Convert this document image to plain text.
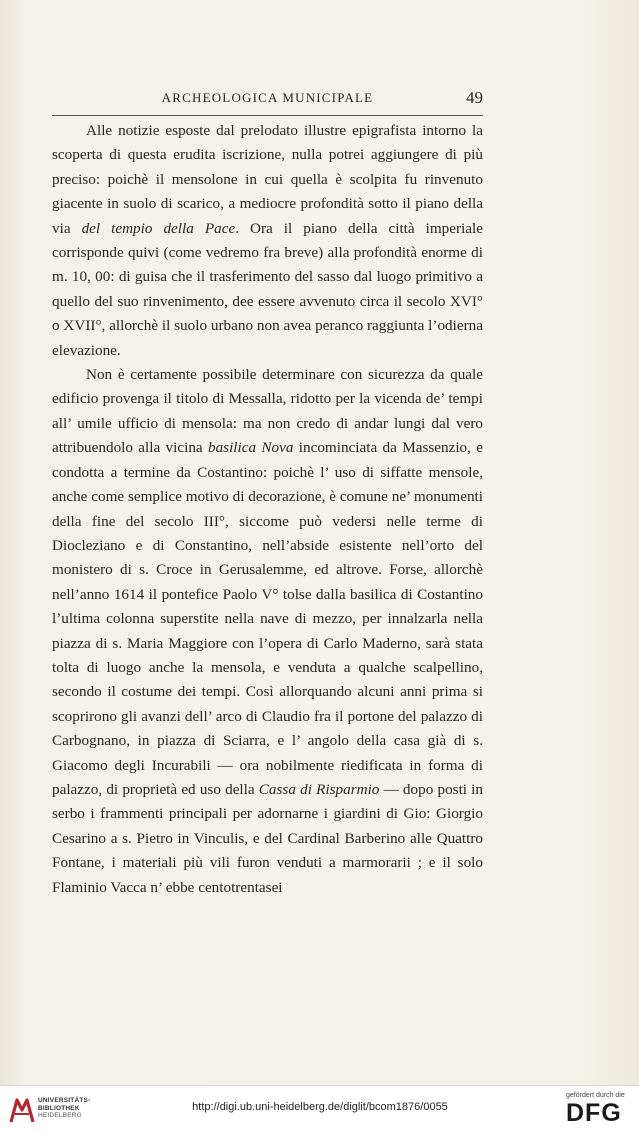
ARCHEOLOGICA MUNICIPALE	49

Alle notizie esposte dal prelodato illustre epigrafista intorno la scoperta di questa erudita iscrizione, nulla potrei aggiungere di più preciso: poichè il mensolone in cui quella è scolpita fu rinvenuto giacente in suolo di scarico, a mediocre profondità sotto il piano della via del tempio della Pace. Ora il piano della città imperiale corrisponde quivi (come vedremo fra breve) alla profondità enorme di m. 10, 00: di guisa che il trasferimento del sasso dal luogo primitivo a quello del suo rinvenimento, dee essere avvenuto circa il secolo XVI° o XVII°, allorchè il suolo urbano non avea peranco raggiunta l’odierna elevazione.

Non è certamente possibile determinare con sicurezza da quale edificio provenga il titolo di Messalla, ridotto per la vicenda de’ tempi all’ umile ufficio di mensola: ma non credo di andar lungi dal vero attribuendolo alla vicina basilica Nova incominciata da Massenzio, e condotta a termine da Costantino: poichè l’ uso di siffatte mensole, anche come semplice motivo di decorazione, è comune ne’ monumenti della fine del secolo III°, siccome può vedersi nelle terme di Diocleziano e di Constantino, nell’abside esistente nell’orto del monistero di s. Croce in Gerusalemme, ed altrove. Forse, allorchè nell’anno 1614 il pontefice Paolo V° tolse dalla basilica di Costantino l’ultima colonna superstite nella nave di mezzo, per innalzarla nella piazza di s. Maria Maggiore con l’opera di Carlo Maderno, sarà stata tolta di luogo anche la mensola, e venduta a qualche scalpellino, secondo il costume dei tempi. Così allorquando alcuni anni prima si scoprirono gli avanzi dell’ arco di Claudio fra il portone del palazzo di Carbognano, in piazza di Sciarra, e l’ angolo della casa già di s. Giacomo degli Incurabili — ora nobilmente riedificata in forma di palazzo, di proprietà ed uso della Cassa di Risparmio — dopo posti in serbo i frammenti principali per adornarne i giardini di Gio: Giorgio Cesarino a s. Pietro in Vinculis, e del Cardinal Barberino alle Quattro Fontane, i materiali più vili furon venduti a marmorarii ; e il solo Flaminio Vacca n’ ebbe centotrentasei

UNIVERSITÄTS-
BIBLIOTHEK
HEIDELBERG
http://digi.ub.uni-heidelberg.de/diglit/bcom1876/0055
gefördert durch die
DFG
